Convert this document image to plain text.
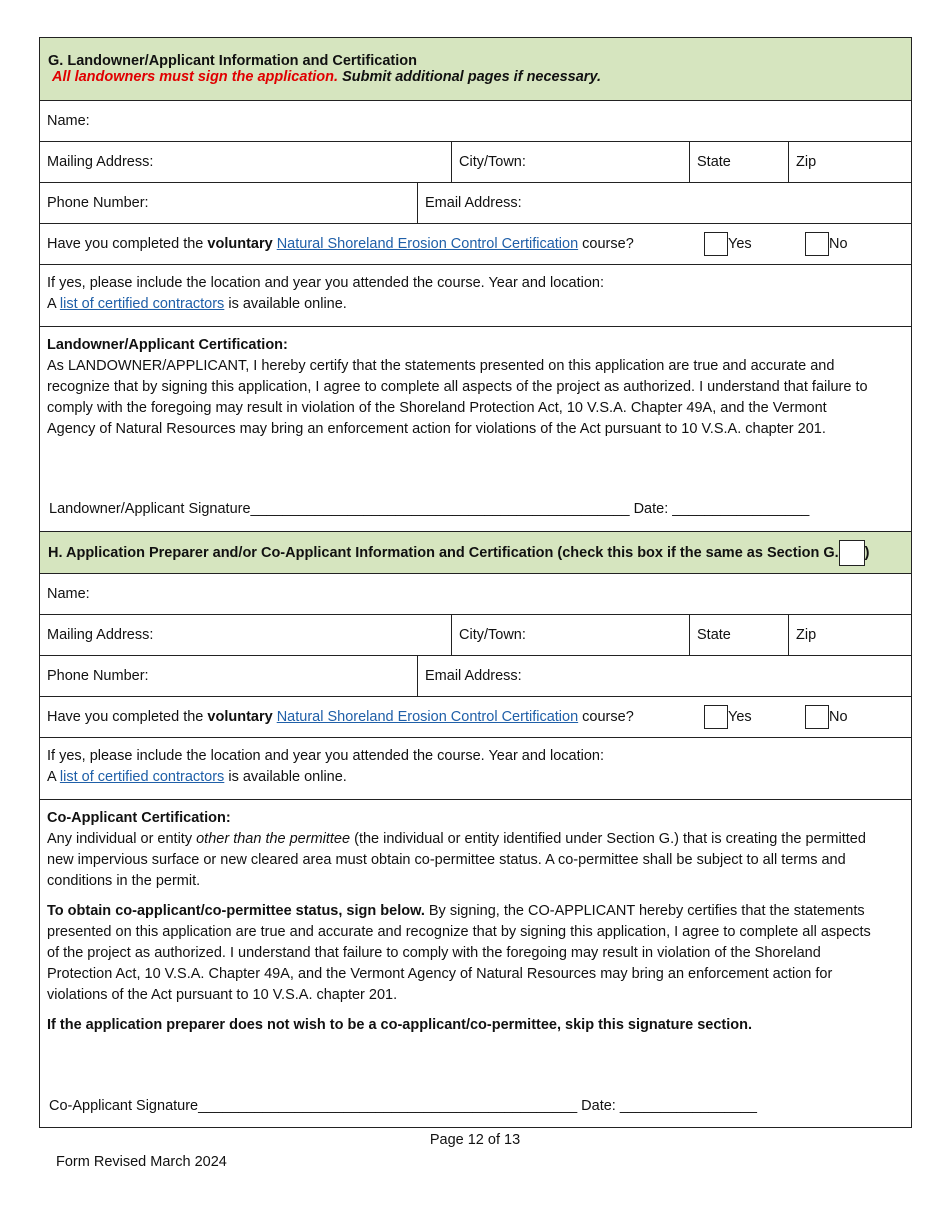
G. Landowner/Applicant Information and Certification
All landowners must sign the application. Submit additional pages if necessary.
Name:
Mailing Address:	City/Town:	State	Zip
Phone Number:	Email Address:
Have you completed the voluntary Natural Shoreland Erosion Control Certification course?	Yes	No
If yes, please include the location and year you attended the course. Year and location:
A list of certified contractors is available online.
Landowner/Applicant Certification:
As LANDOWNER/APPLICANT, I hereby certify that the statements presented on this application are true and accurate and recognize that by signing this application, I agree to complete all aspects of the project as authorized. I understand that failure to comply with the foregoing may result in violation of the Shoreland Protection Act, 10 V.S.A. Chapter 49A, and the Vermont Agency of Natural Resources may bring an enforcement action for violations of the Act pursuant to 10 V.S.A. chapter 201.
Landowner/Applicant Signature_______________________________________________ Date: _________________
H. Application Preparer and/or Co-Applicant Information and Certification (check this box if the same as Section G. )
Name:
Mailing Address:	City/Town:	State	Zip
Phone Number:	Email Address:
Have you completed the voluntary Natural Shoreland Erosion Control Certification course?	Yes	No
If yes, please include the location and year you attended the course. Year and location:
A list of certified contractors is available online.

Co-Applicant Certification:
Any individual or entity other than the permittee (the individual or entity identified under Section G.) that is creating the permitted new impervious surface or new cleared area must obtain co-permittee status. A co-permittee shall be subject to all terms and conditions in the permit.

To obtain co-applicant/co-permittee status, sign below. By signing, the CO-APPLICANT hereby certifies that the statements presented on this application are true and accurate and recognize that by signing this application, I agree to complete all aspects of the project as authorized. I understand that failure to comply with the foregoing may result in violation of the Shoreland Protection Act, 10 V.S.A. Chapter 49A, and the Vermont Agency of Natural Resources may bring an enforcement action for violations of the Act pursuant to 10 V.S.A. chapter 201.

If the application preparer does not wish to be a co-applicant/co-permittee, skip this signature section.

Co-Applicant Signature_______________________________________________ Date: _________________
Page 12 of 13
Form Revised March 2024
